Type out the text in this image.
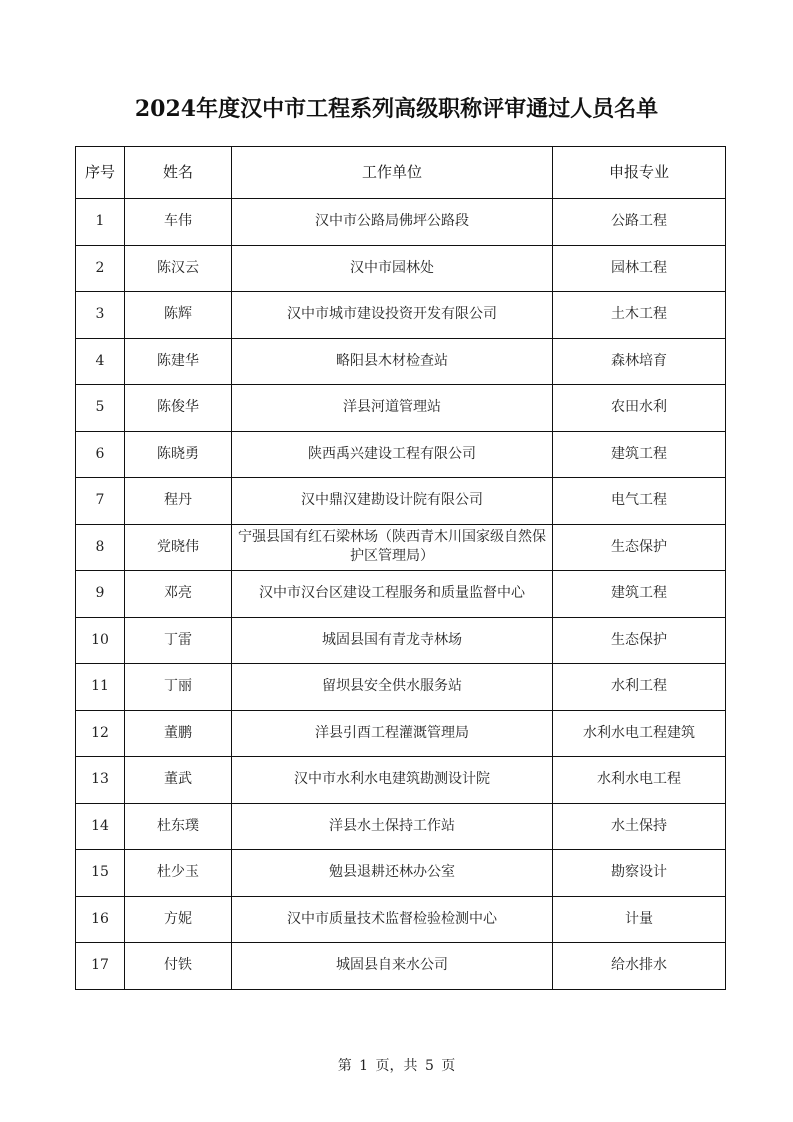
2024年度汉中市工程系列高级职称评审通过人员名单
序号	姓名	工作单位	申报专业
1	车伟	汉中市公路局佛坪公路段	公路工程
2	陈汉云	汉中市园林处	园林工程
3	陈辉	汉中市城市建设投资开发有限公司	土木工程
4	陈建华	略阳县木材检查站	森林培育
5	陈俊华	洋县河道管理站	农田水利
6	陈晓勇	陕西禹兴建设工程有限公司	建筑工程
7	程丹	汉中鼎汉建勘设计院有限公司	电气工程
8	党晓伟	宁强县国有红石梁林场（陕西青木川国家级自然保护区管理局）	生态保护
9	邓亮	汉中市汉台区建设工程服务和质量监督中心	建筑工程
10	丁雷	城固县国有青龙寺林场	生态保护
11	丁丽	留坝县安全供水服务站	水利工程
12	董鹏	洋县引酉工程灌溉管理局	水利水电工程建筑
13	董武	汉中市水利水电建筑勘测设计院	水利水电工程
14	杜东璞	洋县水土保持工作站	水土保持
15	杜少玉	勉县退耕还林办公室	勘察设计
16	方妮	汉中市质量技术监督检验检测中心	计量
17	付铁	城固县自来水公司	给水排水
第 1 页，共 5 页
